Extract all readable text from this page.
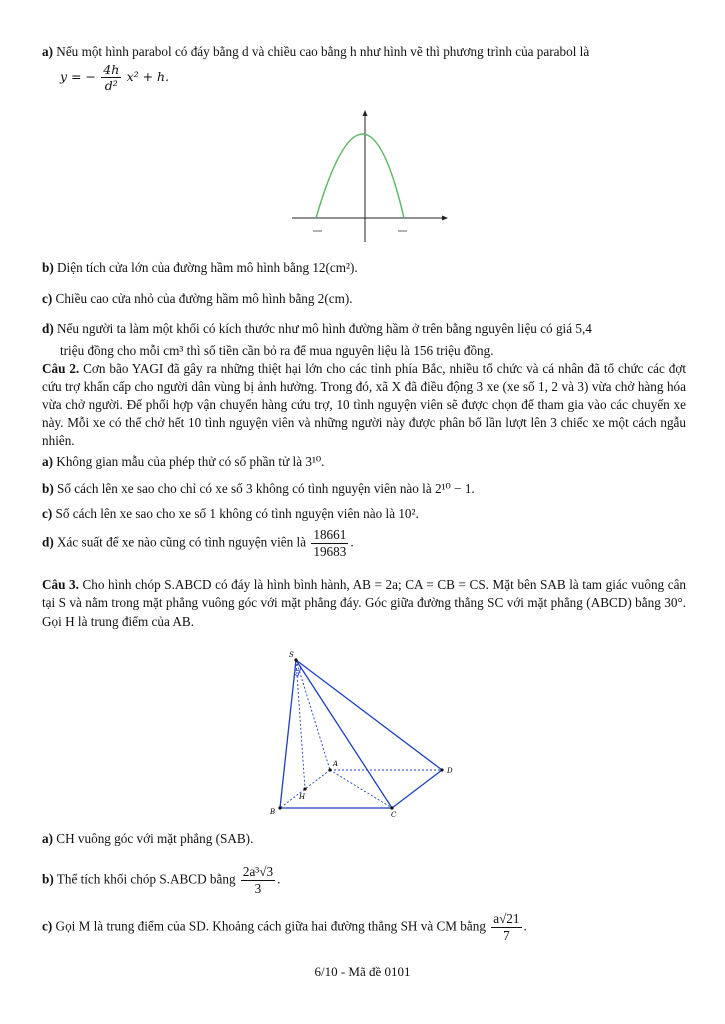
a) Nếu một hình parabol có đáy bằng d và chiều cao bằng h như hình vẽ thì phương trình của parabol là
y = − $\frac{4h}{\text{d²}} x^2 + h$.
b) Diện tích cửa lớn của đường hầm mô hình bằng 12(cm²).
c) Chiều cao cửa nhỏ của đường hầm mô hình bằng 2(cm).
d) Nếu người ta làm một khối có kích thước như mô hình đường hầm ở trên bằng nguyên liệu có giá 5,4
triệu đồng cho mỗi cm³ thì số tiền cần bỏ ra để mua nguyên liệu là 156 triệu đồng.
Câu 2. Cơn bão YAGI đã gây ra những thiệt hại lớn cho các tỉnh phía Bắc, nhiều tổ chức và cá nhân đã tổ chức các đợt cứu trợ khẩn cấp cho người dân vùng bị ảnh hưởng. Trong đó, xã X đã điều động 3 xe (xe số 1, 2 và 3) vừa chở hàng hóa vừa chở người. Để phối hợp vận chuyển hàng cứu trợ, 10 tình nguyện viên sẽ được chọn để tham gia vào các chuyến xe này. Mỗi xe có thể chở hết 10 tình nguyện viên và những người này được phân bố lần lượt lên 3 chiếc xe một cách ngẫu nhiên.
a) Không gian mẫu của phép thử có số phần tử là 3¹⁰.
b) Số cách lên xe sao cho chỉ có xe số 3 không có tình nguyện viên nào là 2¹⁰ − 1.
c) Số cách lên xe sao cho xe số 1 không có tình nguyện viên nào là 10².
d) Xác suất để xe nào cũng có tình nguyện viên là $\frac{18661}{19683}$ .
Câu 3. Cho hình chóp S.ABCD có đáy là hình bình hành, AB = 2a; CA = CB = CS. Mặt bên SAB là tam giác vuông cân tại S và nằm trong mặt phẳng vuông góc với mặt phẳng đáy. Góc giữa đường thẳng SC với mặt phẳng (ABCD) bằng 30°. Gọi H là trung điểm của AB.
S
A
B	C
D
H
a) CH vuông góc với mặt phẳng (SAB).
b) Thể tích khối chóp S.ABCD bằng $\frac{\text{2a³√3}}{3}$ .
c) Gọi M là trung điểm của SD. Khoảng cách giữa hai đường thẳng SH và CM bằng $\frac{a√21}{7}$ .
6/10 - Mã đề 0101
